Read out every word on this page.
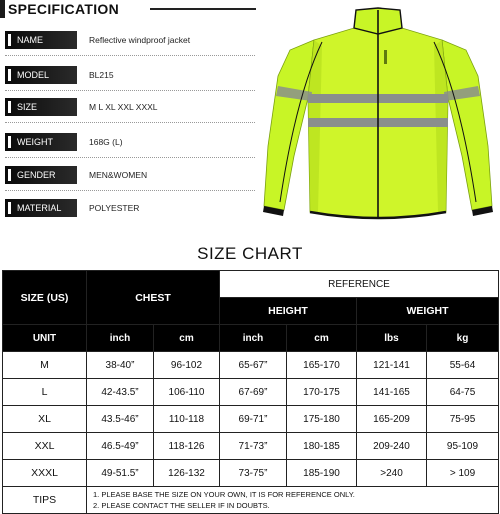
SPECIFICATION
NAME	Reflective windproof jacket
MODEL	BL215
SIZE	M L XL XXL XXXL
WEIGHT	168G (L)
GENDER	MEN&WOMEN
MATERIAL	POLYESTER
SIZE CHART
SIZE (US)	CHEST		REFERENCE			
			HEIGHT		WEIGHT	
UNIT	inch	cm	inch	cm	lbs	kg
M	38-40”	96-102	65-67”	165-170	121-141	55-64
L	42-43.5”	106-110	67-69”	170-175	141-165	64-75
XL	43.5-46”	110-118	69-71”	175-180	165-209	75-95
XXL	46.5-49”	118-126	71-73”	180-185	209-240	95-109
XXXL	49-51.5”	126-132	73-75”	185-190	>240	> 109
TIPS	1. PLEASE BASE THE SIZE ON YOUR OWN, IT IS FOR REFERENCE ONLY.
2. PLEASE CONTACT THE SELLER IF IN DOUBTS.					
